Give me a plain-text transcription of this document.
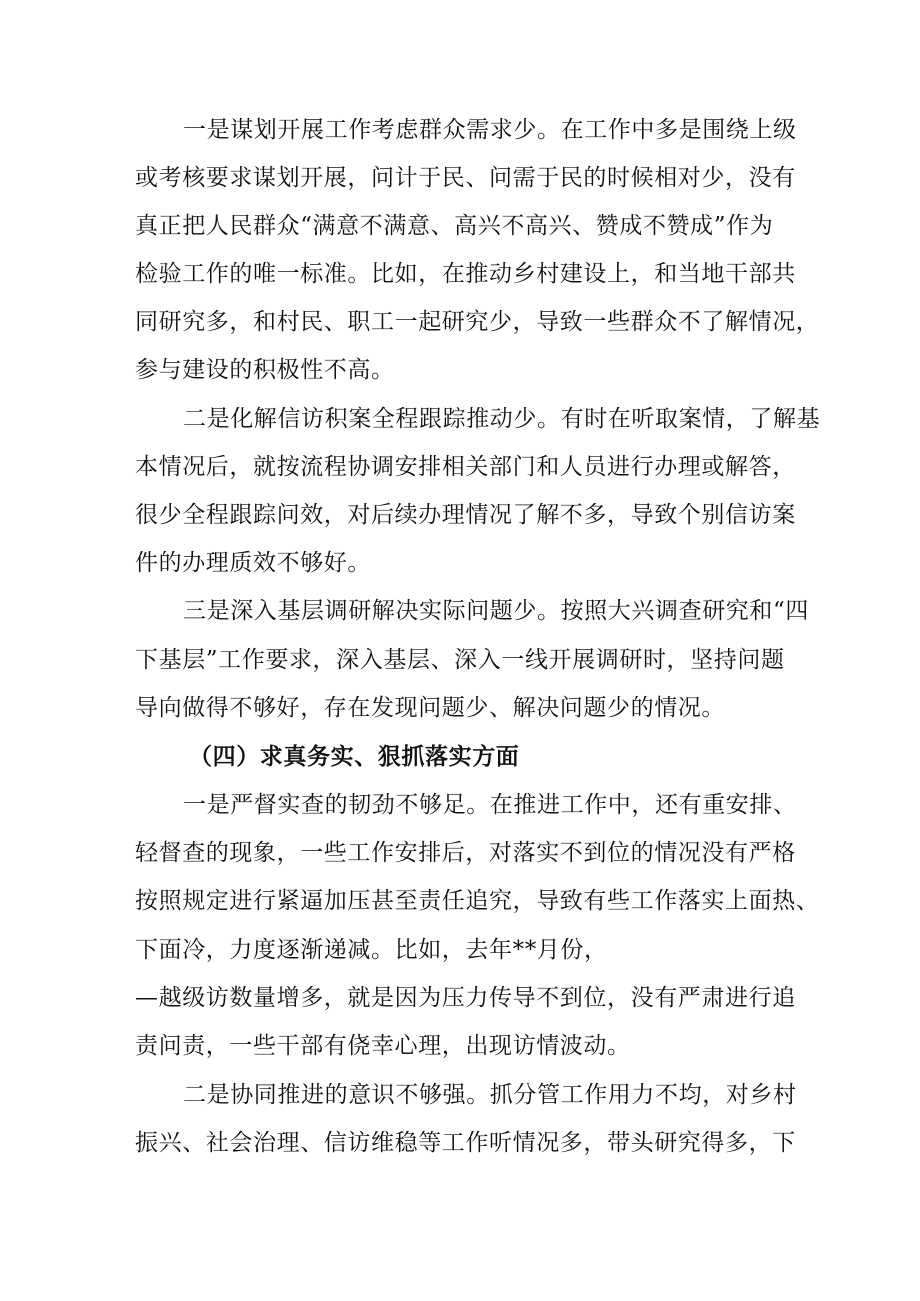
一是谋划开展工作考虑群众需求少。在工作中多是围绕上级
或考核要求谋划开展，问计于民、问需于民的时候相对少，没有
真正把人民群众“满意不满意、高兴不高兴、赞成不赞成”作为
检验工作的唯一标准。比如，在推动乡村建设上，和当地干部共
同研究多，和村民、职工一起研究少，导致一些群众不了解情况，
参与建设的积极性不高。
二是化解信访积案全程跟踪推动少。有时在听取案情，了解基
本情况后，就按流程协调安排相关部门和人员进行办理或解答，
很少全程跟踪问效，对后续办理情况了解不多，导致个别信访案
件的办理质效不够好。
三是深入基层调研解决实际问题少。按照大兴调查研究和“四
下基层”工作要求，深入基层、深入一线开展调研时，坚持问题
导向做得不够好，存在发现问题少、解决问题少的情况。
（四）求真务实、狠抓落实方面
一是严督实查的韧劲不够足。在推进工作中，还有重安排、
轻督查的现象，一些工作安排后，对落实不到位的情况没有严格
按照规定进行紧逼加压甚至责任追究，导致有些工作落实上面热、
下面冷，力度逐渐递减。比如，去年**月份，
—越级访数量增多，就是因为压力传导不到位，没有严肃进行追
责问责，一些干部有侥幸心理，出现访情波动。
二是协同推进的意识不够强。抓分管工作用力不均，对乡村
振兴、社会治理、信访维稳等工作听情况多，带头研究得多，下
